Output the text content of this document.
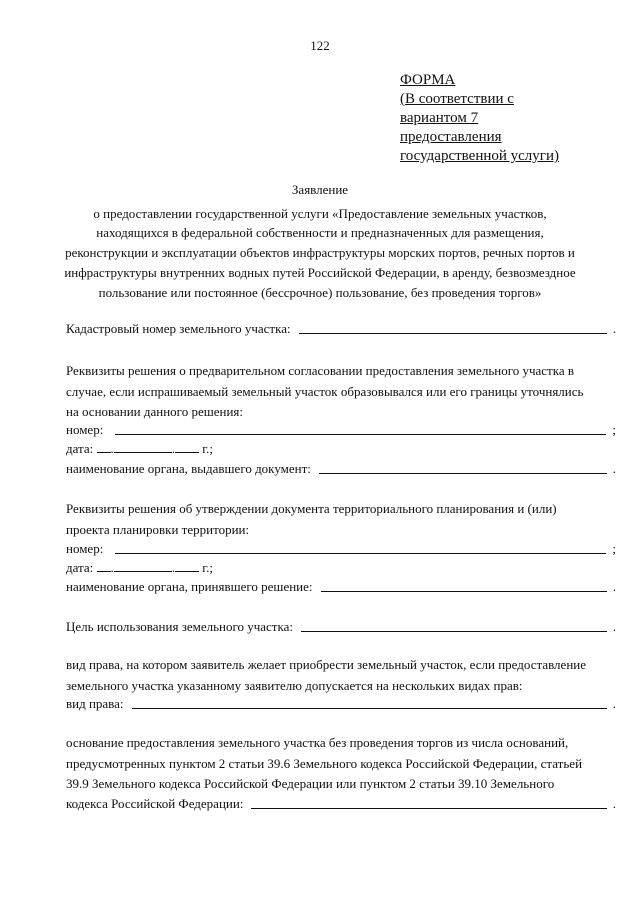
122
ФОРМА
(В соответствии с
вариантом 7
предоставления
государственной услуги)
Заявление
о предоставлении государственной услуги «Предоставление земельных участков,
находящихся в федеральной собственности и предназначенных для размещения,
реконструкции и эксплуатации объектов инфраструктуры морских портов, речных портов и
инфраструктуры внутренних водных путей Российской Федерации, в аренду, безвозмездное
пользование или постоянное (бессрочное) пользование, без проведения торгов»
Кадастровый номер земельного участка:	.
Реквизиты решения о предварительном согласовании предоставления земельного участка в
случае, если испрашиваемый земельный участок образовывался или его границы уточнялись
на основании данного решения:
номер:	;
дата: .	. г.;
наименование органа, выдавшего документ:	.
Реквизиты решения об утверждении документа территориального планирования и (или)
проекта планировки территории:
номер:	;
дата: .	. г.;
наименование органа, принявшего решение:	.
Цель использования земельного участка:	.
вид права, на котором заявитель желает приобрести земельный участок, если предоставление
земельного участка указанному заявителю допускается на нескольких видах прав:
вид права:	.
основание предоставления земельного участка без проведения торгов из числа оснований,
предусмотренных пунктом 2 статьи 39.6 Земельного кодекса Российской Федерации, статьей
39.9 Земельного кодекса Российской Федерации или пунктом 2 статьи 39.10 Земельного
кодекса Российской Федерации:	.
